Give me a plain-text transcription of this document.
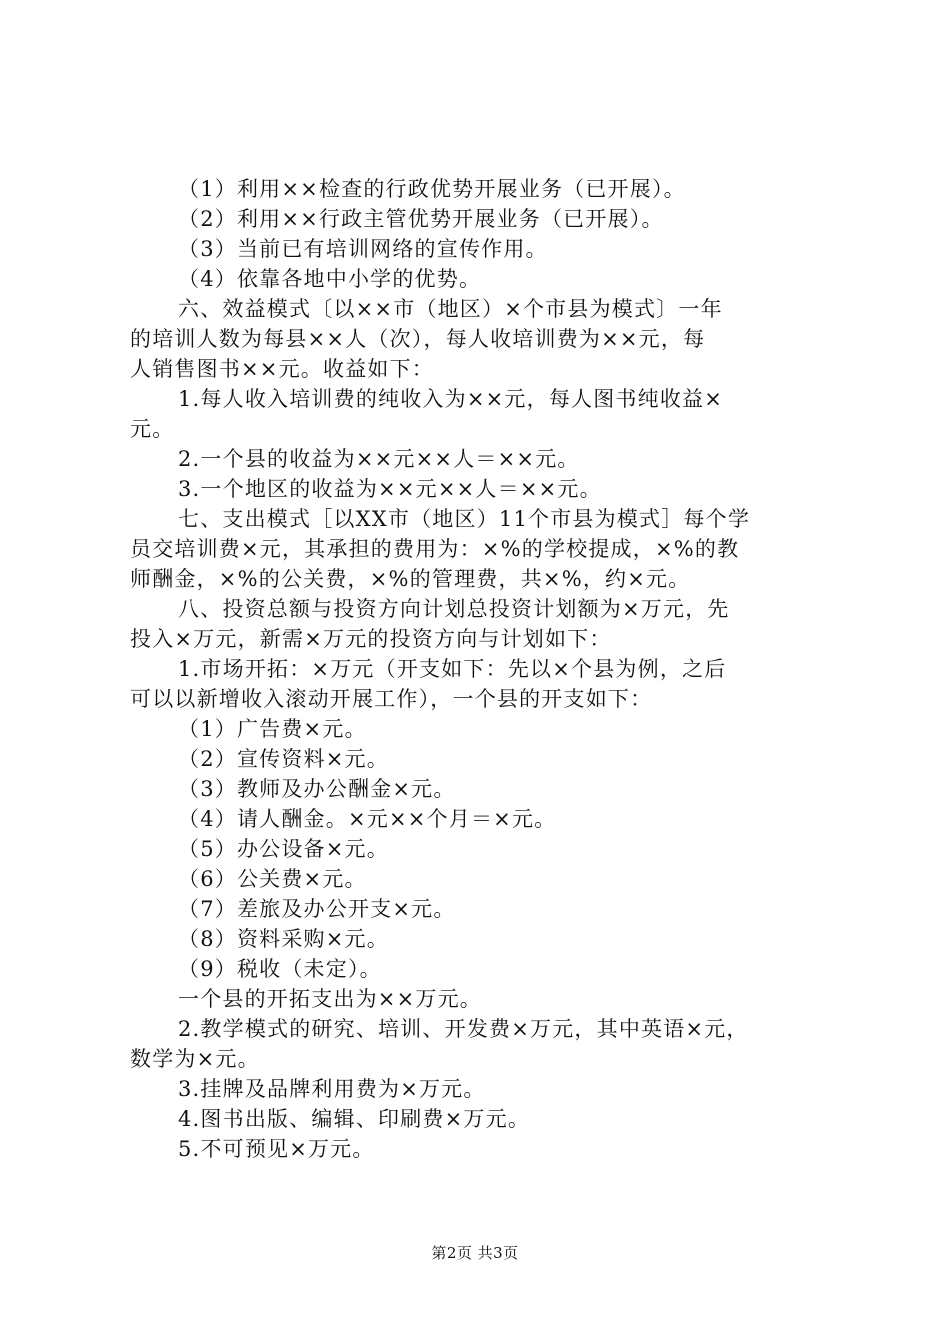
（1）利用××检查的行政优势开展业务（已开展）。
（2）利用××行政主管优势开展业务（已开展）。
（3）当前已有培训网络的宣传作用。
（4）依靠各地中小学的优势。
六、效益模式〔以××市（地区）×个市县为模式〕一年
的培训人数为每县××人（次），每人收培训费为××元，每
人销售图书××元。收益如下：
1.每人收入培训费的纯收入为××元，每人图书纯收益×
元。
2.一个县的收益为××元××人＝××元。
3.一个地区的收益为××元××人＝××元。
七、支出模式［以XX市（地区）11个市县为模式］每个学
员交培训费×元，其承担的费用为：×%的学校提成，×%的教
师酬金，×%的公关费，×%的管理费，共×%，约×元。
八、投资总额与投资方向计划总投资计划额为×万元，先
投入×万元，新需×万元的投资方向与计划如下：
1.市场开拓：×万元（开支如下：先以×个县为例，之后
可以以新增收入滚动开展工作），一个县的开支如下：
（1）广告费×元。
（2）宣传资料×元。
（3）教师及办公酬金×元。
（4）请人酬金。×元××个月＝×元。
（5）办公设备×元。
（6）公关费×元。
（7）差旅及办公开支×元。
（8）资料采购×元。
（9）税收（未定）。
一个县的开拓支出为××万元。
2.教学模式的研究、培训、开发费×万元，其中英语×元，
数学为×元。
3.挂牌及品牌利用费为×万元。
4.图书出版、编辑、印刷费×万元。
5.不可预见×万元。
第2页 共3页
